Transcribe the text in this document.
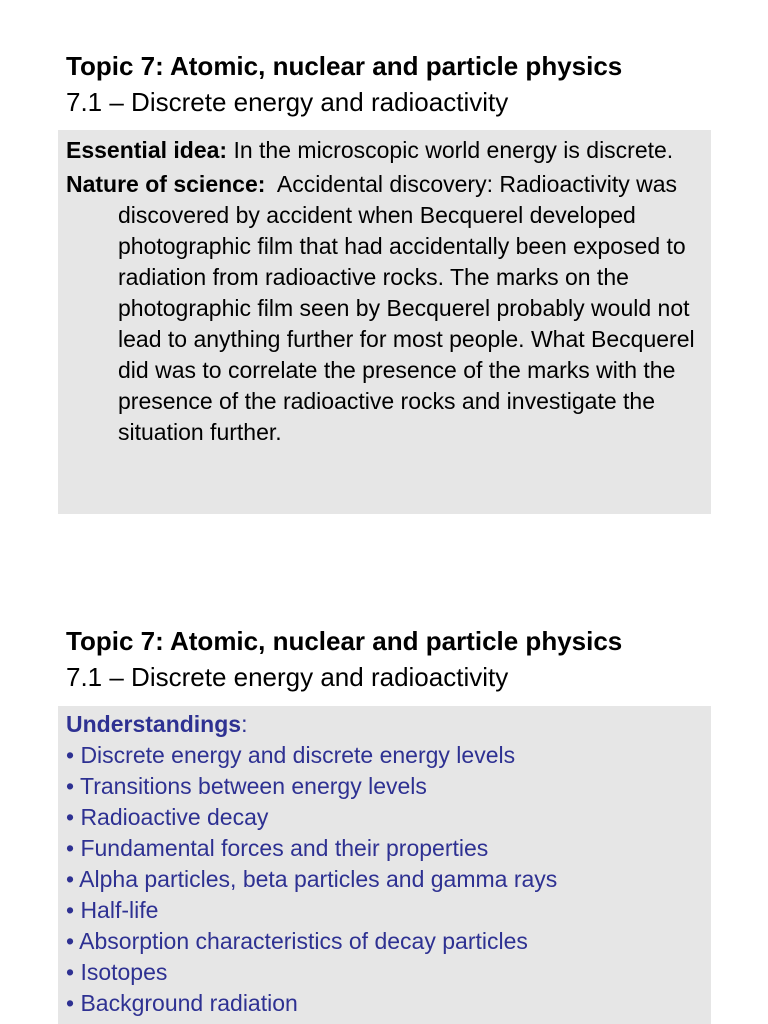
Topic 7: Atomic, nuclear and particle physics

7.1 – Discrete energy and radioactivity

Essential idea: In the microscopic world energy is discrete.

Nature of science:  Accidental discovery: Radioactivity was discovered by accident when Becquerel developed photographic film that had accidentally been exposed to radiation from radioactive rocks. The marks on the photographic film seen by Becquerel probably would not lead to anything further for most people. What Becquerel did was to correlate the presence of the marks with the presence of the radioactive rocks and investigate the situation further.

Topic 7: Atomic, nuclear and particle physics

7.1 – Discrete energy and radioactivity

Understandings:

• Discrete energy and discrete energy levels
• Transitions between energy levels
• Radioactive decay
• Fundamental forces and their properties
• Alpha particles, beta particles and gamma rays
• Half-life
• Absorption characteristics of decay particles
• Isotopes
• Background radiation
